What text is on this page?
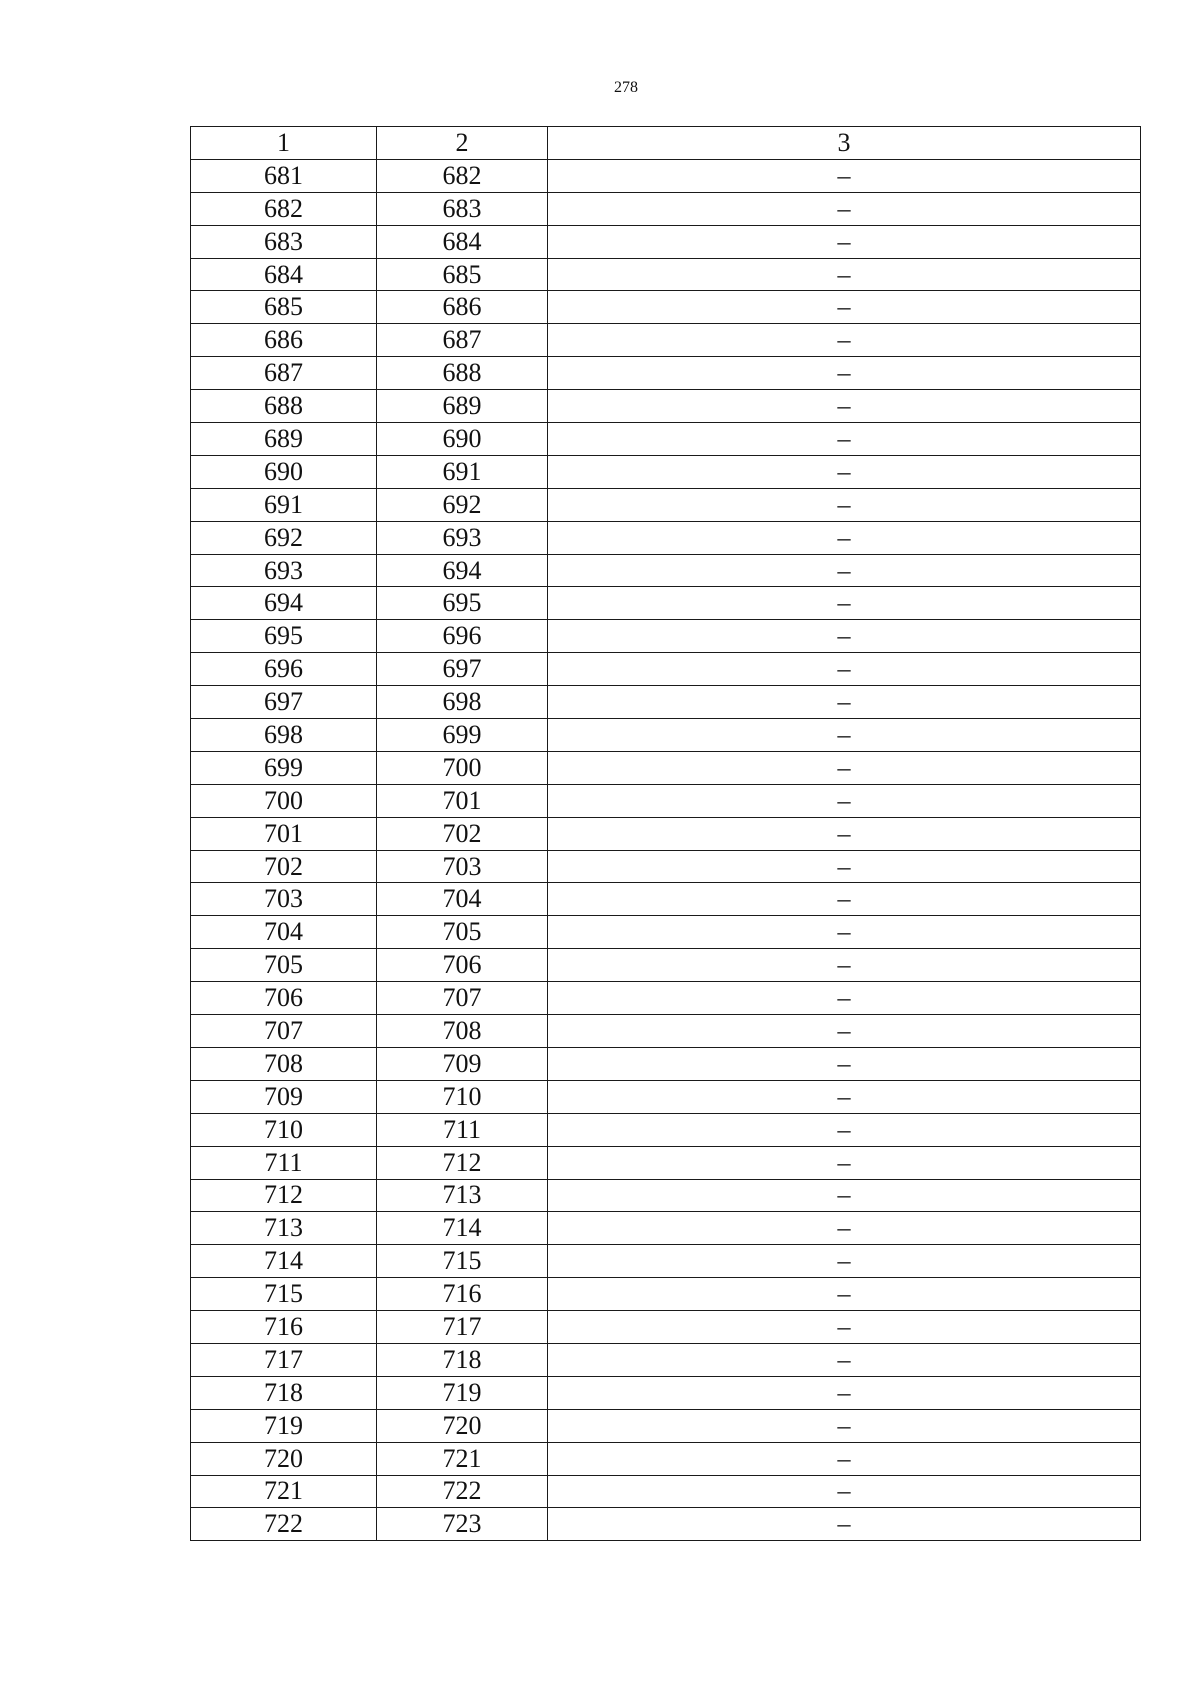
278
1	2	3
681	682	–
682	683	–
683	684	–
684	685	–
685	686	–
686	687	–
687	688	–
688	689	–
689	690	–
690	691	–
691	692	–
692	693	–
693	694	–
694	695	–
695	696	–
696	697	–
697	698	–
698	699	–
699	700	–
700	701	–
701	702	–
702	703	–
703	704	–
704	705	–
705	706	–
706	707	–
707	708	–
708	709	–
709	710	–
710	711	–
711	712	–
712	713	–
713	714	–
714	715	–
715	716	–
716	717	–
717	718	–
718	719	–
719	720	–
720	721	–
721	722	–
722	723	–
